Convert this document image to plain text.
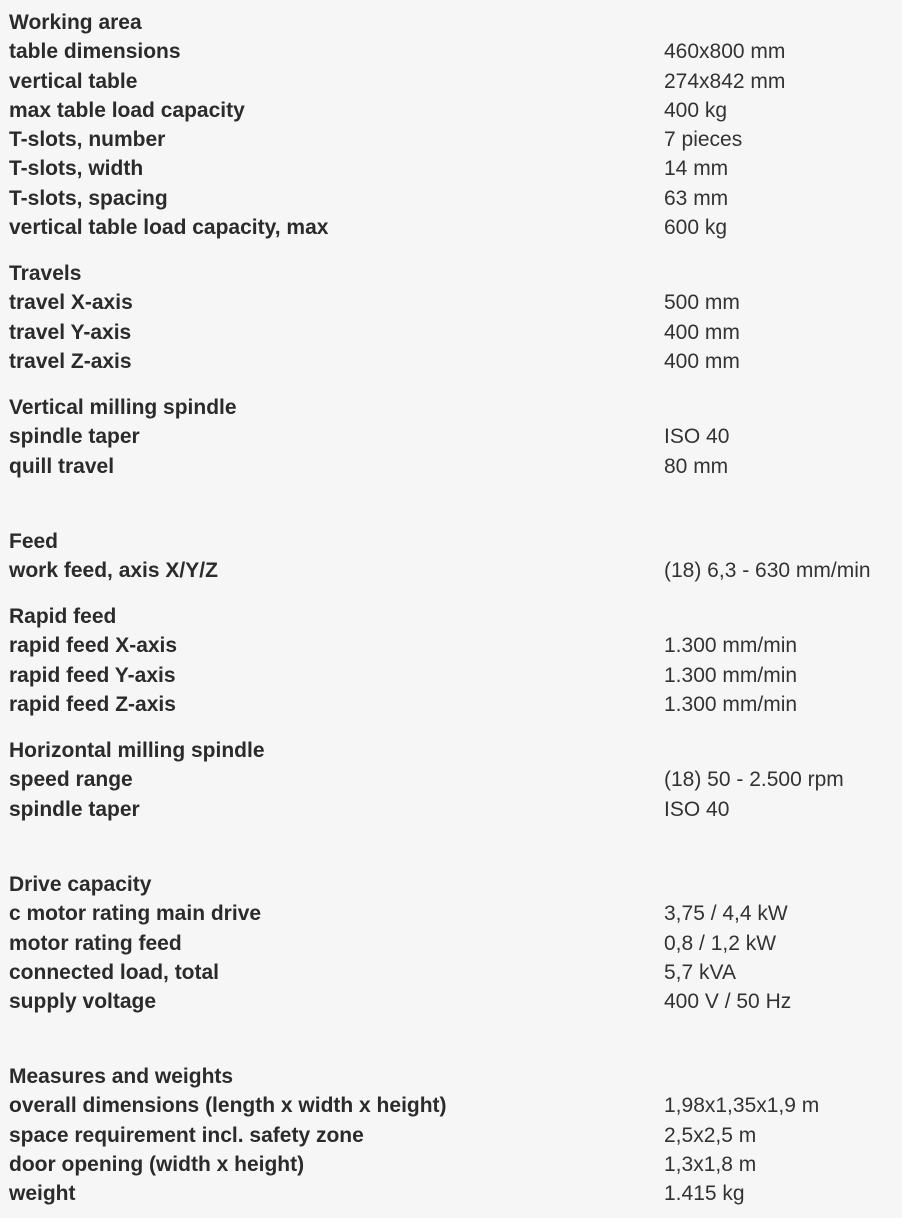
Working area
table dimensions	460x800 mm
vertical table	274x842 mm
max table load capacity	400 kg
T-slots, number	7 pieces
T-slots, width	14 mm
T-slots, spacing	63 mm
vertical table load capacity, max	600 kg
Travels
travel X-axis	500 mm
travel Y-axis	400 mm
travel Z-axis	400 mm
Vertical milling spindle
spindle taper	ISO 40
quill travel	80 mm
Feed
work feed, axis X/Y/Z	(18) 6,3 - 630 mm/min
Rapid feed
rapid feed X-axis	1.300 mm/min
rapid feed Y-axis	1.300 mm/min
rapid feed Z-axis	1.300 mm/min
Horizontal milling spindle
speed range	(18) 50 - 2.500 rpm
spindle taper	ISO 40
Drive capacity
c motor rating main drive	3,75 / 4,4 kW
motor rating feed	0,8 / 1,2 kW
connected load, total	5,7 kVA
supply voltage	400 V / 50 Hz
Measures and weights
overall dimensions (length x width x height)	1,98x1,35x1,9 m
space requirement incl. safety zone	2,5x2,5 m
door opening (width x height)	1,3x1,8 m
weight	1.415 kg
